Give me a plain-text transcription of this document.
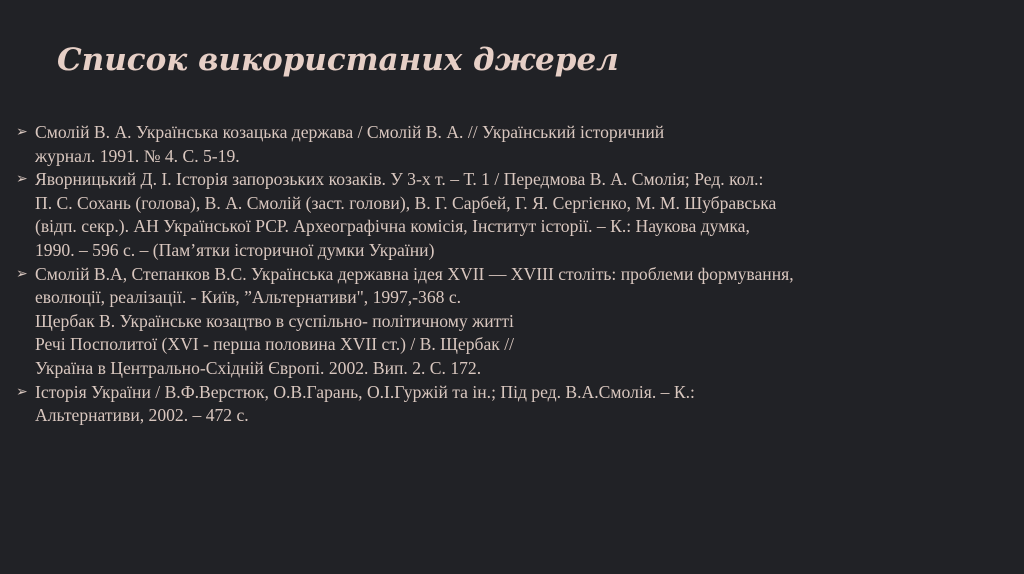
Список використаних джерел
➢ Смолій В. А. Українська козацька держава / Смолій В. А. // Український історичний
журнал. 1991. № 4. С. 5-19.
➢ Яворницький Д. І. Історія запорозьких козаків. У 3-х т. – Т. 1 / Передмова В. А. Смолія; Ред. кол.:
П. С. Сохань (голова), В. А. Смолій (заст. голови), В. Г. Сарбей, Г. Я. Сергієнко, М. М. Шубравська
(відп. секр.). АН Української РСР. Археографічна комісія, Інститут історії. – К.: Наукова думка,
1990. – 596 с. – (Пам’ятки історичної думки України)
➢ Смолій В.А, Степанков В.С. Українська державна ідея XVII — XVIII століть: проблеми формування,
еволюції, реалізації. - Київ, ”Альтернативи", 1997,-368 с.
Щербак В. Українське козацтво в суспільно- політичному житті
Речі Посполитої (XVI - перша половина XVII ст.) / В. Щербак //
Україна в Центрально-Східній Європі. 2002. Вип. 2. С. 172.
➢ Історія України / В.Ф.Верстюк, О.В.Гарань, О.І.Гуржій та ін.; Під ред. В.А.Смолія. – К.:
Альтернативи, 2002. – 472 с.
